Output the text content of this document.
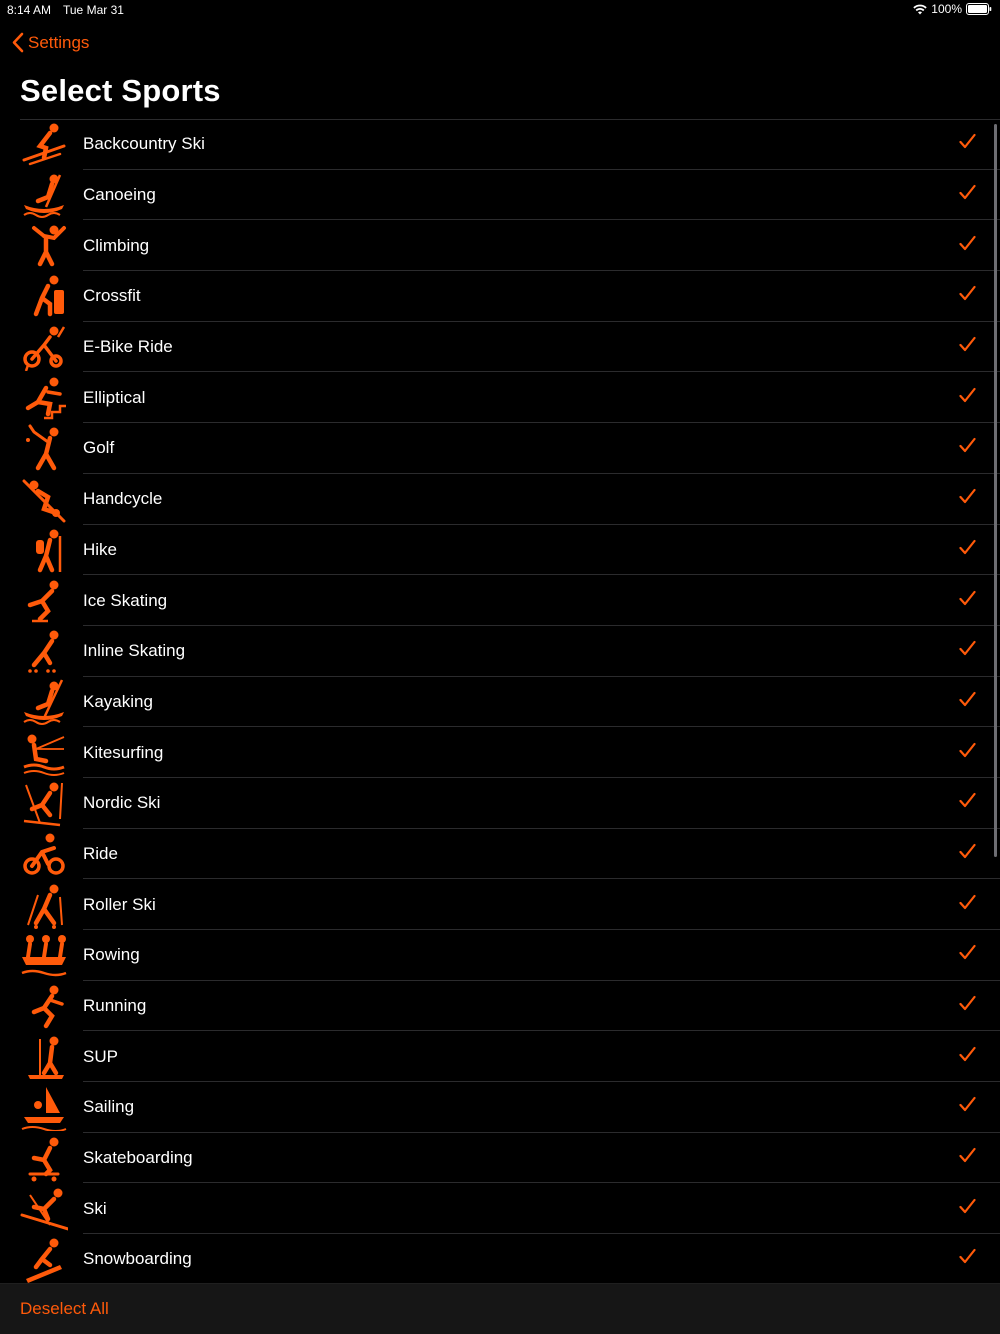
8:14 AM Tue Mar 31	100%
Settings
Select Sports
Backcountry Ski
Canoeing
Climbing
Crossfit
E-Bike Ride
Elliptical
Golf
Handcycle
Hike
Ice Skating
Inline Skating
Kayaking
Kitesurfing
Nordic Ski
Ride
Roller Ski
Rowing
Running
SUP
Sailing
Skateboarding
Ski
Snowboarding
Deselect All
